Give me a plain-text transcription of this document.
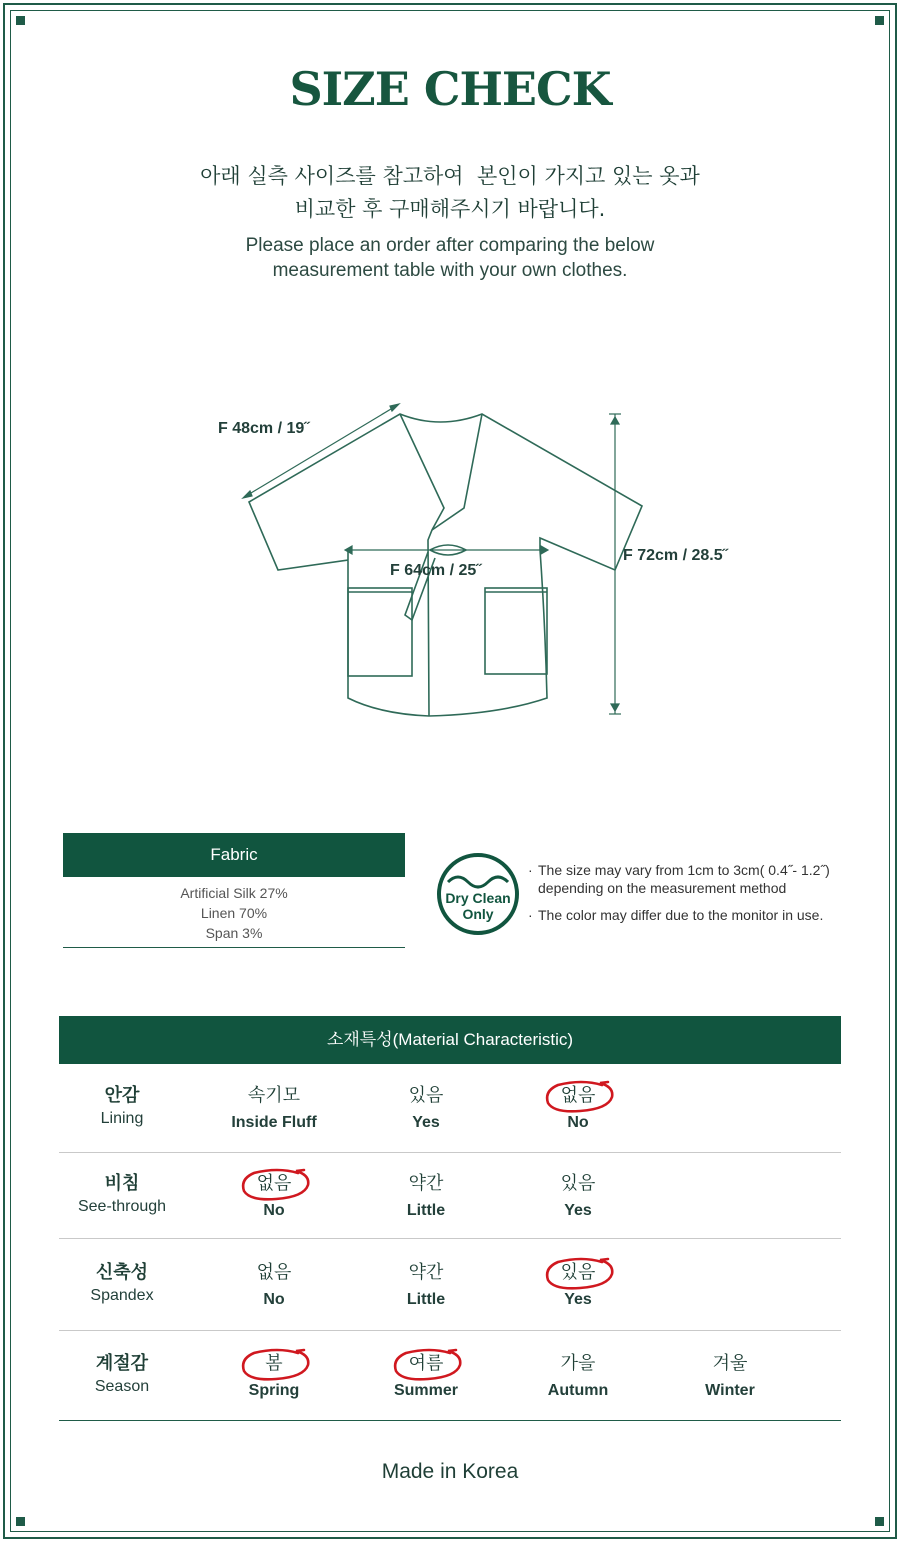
SIZE CHECK
아래 실측 사이즈를 참고하여  본인이 가지고 있는 옷과
비교한 후 구매해주시기 바랍니다.
Please place an order after comparing the below
measurement table with your own clothes.
F 48cm / 19˝
F 64cm / 25˝
F 72cm / 28.5˝
Fabric
Artificial Silk 27%
Linen 70%
Span 3%
Dry Clean
Only
· The size may vary from 1cm to 3cm( 0.4˝- 1.2˝)
depending on the measurement method
· The color may differ due to the monitor in use.
소재특성(Material Characteristic)
안감
Lining
속기모
Inside Fluff
있음
Yes
없음
No
비침
See-through
없음
No
약간
Little
있음
Yes
신축성
Spandex
없음
No
약간
Little
있음
Yes
계절감
Season
봄
Spring
여름
Summer
가을
Autumn
겨울
Winter
Made in Korea
